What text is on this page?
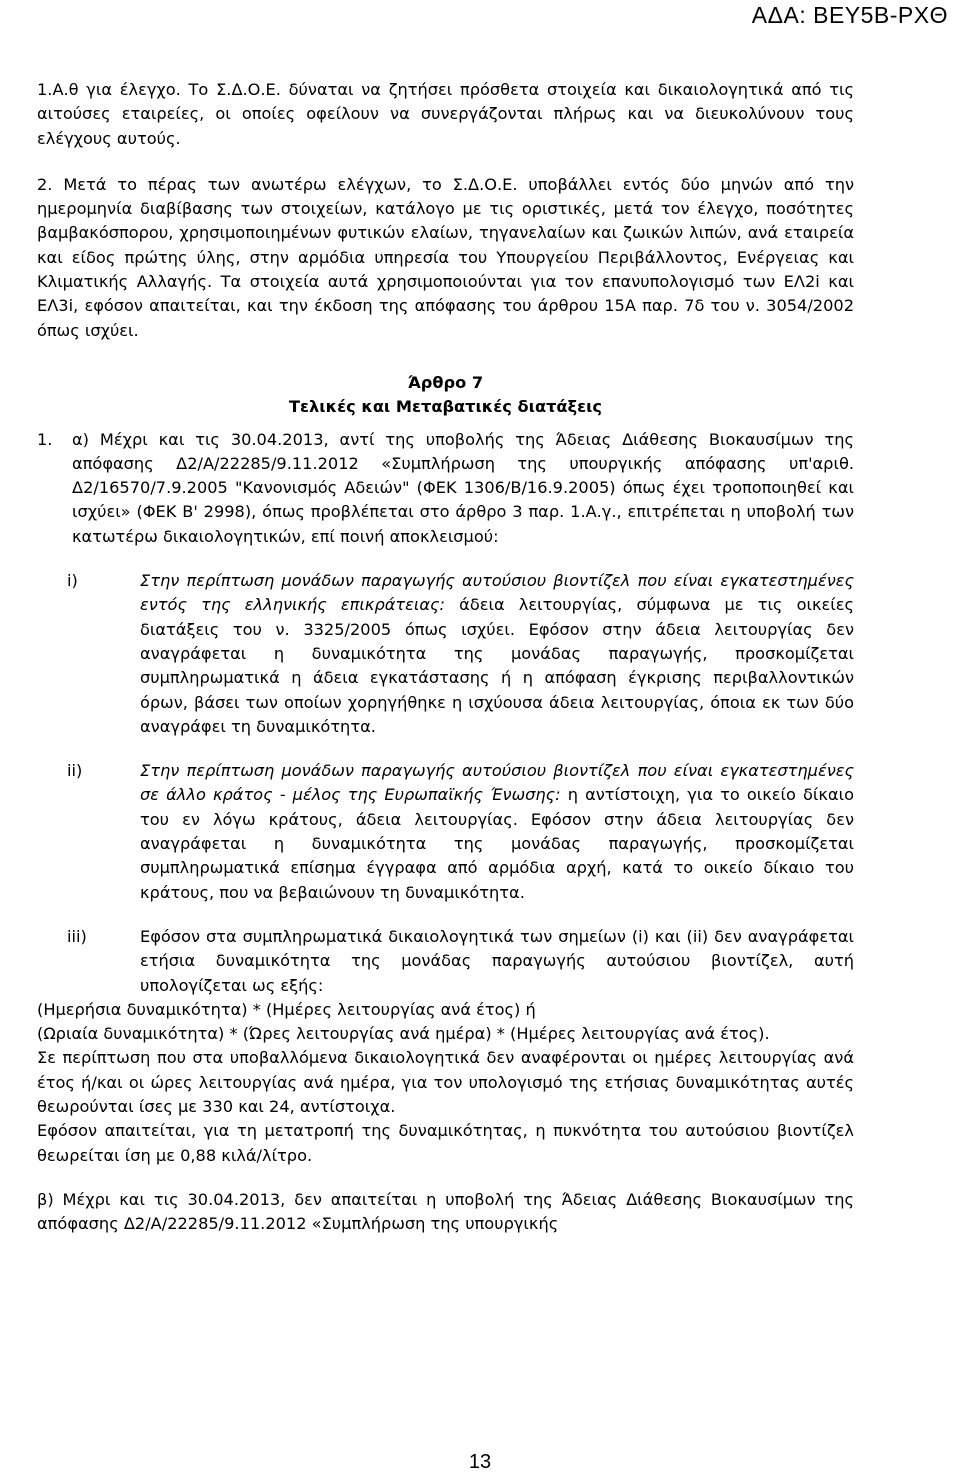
ΑΔΑ: ΒΕΥ5Β-ΡΧΘ

1.Α.θ για έλεγχο. Το Σ.Δ.Ο.Ε. δύναται να ζητήσει πρόσθετα στοιχεία και δικαιολογητικά από τις αιτούσες εταιρείες, οι οποίες οφείλουν να συνεργάζονται πλήρως και να διευκολύνουν τους ελέγχους αυτούς.

2. Μετά το πέρας των ανωτέρω ελέγχων, το Σ.Δ.Ο.Ε. υποβάλλει εντός δύο μηνών από την ημερομηνία διαβίβασης των στοιχείων, κατάλογο με τις οριστικές, μετά τον έλεγχο, ποσότητες βαμβακόσπορου, χρησιμοποιημένων φυτικών ελαίων, τηγανελαίων και ζωικών λιπών, ανά εταιρεία και είδος πρώτης ύλης, στην αρμόδια υπηρεσία του Υπουργείου Περιβάλλοντος, Ενέργειας και Κλιματικής Αλλαγής. Τα στοιχεία αυτά χρησιμοποιούνται για τον επανυπολογισμό των ΕΛ2i και ΕΛ3i, εφόσον απαιτείται, και την έκδοση της απόφασης του άρθρου 15Α παρ. 7δ του ν. 3054/2002 όπως ισχύει.

Άρθρο 7

Τελικές και Μεταβατικές διατάξεις

1.	α) Μέχρι και τις 30.04.2013, αντί της υποβολής της Άδειας Διάθεσης Βιοκαυσίμων της απόφασης Δ2/Α/22285/9.11.2012 «Συμπλήρωση της υπουργικής απόφασης υπ'αριθ. Δ2/16570/7.9.2005 "Κανονισμός Αδειών" (ΦΕΚ 1306/Β/16.9.2005) όπως έχει τροποποιηθεί και ισχύει» (ΦΕΚ Β' 2998), όπως προβλέπεται στο άρθρο 3 παρ. 1.Α.γ., επιτρέπεται η υποβολή των κατωτέρω δικαιολογητικών, επί ποινή αποκλεισμού:
i)	Στην περίπτωση μονάδων παραγωγής αυτούσιου βιοντίζελ που είναι εγκατεστημένες εντός της ελληνικής επικράτειας: άδεια λειτουργίας, σύμφωνα με τις οικείες διατάξεις του ν. 3325/2005 όπως ισχύει. Εφόσον στην άδεια λειτουργίας δεν αναγράφεται η δυναμικότητα της μονάδας παραγωγής, προσκομίζεται συμπληρωματικά η άδεια εγκατάστασης ή η απόφαση έγκρισης περιβαλλοντικών όρων, βάσει των οποίων χορηγήθηκε η ισχύουσα άδεια λειτουργίας, όποια εκ των δύο αναγράφει τη δυναμικότητα.
ii)	Στην περίπτωση μονάδων παραγωγής αυτούσιου βιοντίζελ που είναι εγκατεστημένες σε άλλο κράτος - μέλος της Ευρωπαϊκής Ένωσης: η αντίστοιχη, για το οικείο δίκαιο του εν λόγω κράτους, άδεια λειτουργίας. Εφόσον στην άδεια λειτουργίας δεν αναγράφεται η δυναμικότητα της μονάδας παραγωγής, προσκομίζεται συμπληρωματικά επίσημα έγγραφα από αρμόδια αρχή, κατά το οικείο δίκαιο του κράτους, που να βεβαιώνουν τη δυναμικότητα.
iii)	Εφόσον στα συμπληρωματικά δικαιολογητικά των σημείων (i) και (ii) δεν αναγράφεται ετήσια δυναμικότητα της μονάδας παραγωγής αυτούσιου βιοντίζελ, αυτή υπολογίζεται ως εξής:

(Ημερήσια δυναμικότητα) * (Ημέρες λειτουργίας ανά έτος) ή

(Ωριαία δυναμικότητα) * (Ώρες λειτουργίας ανά ημέρα) * (Ημέρες λειτουργίας ανά έτος).

Σε περίπτωση που στα υποβαλλόμενα δικαιολογητικά δεν αναφέρονται οι ημέρες λειτουργίας ανά έτος ή/και οι ώρες λειτουργίας ανά ημέρα, για τον υπολογισμό της ετήσιας δυναμικότητας αυτές θεωρούνται ίσες με 330 και 24, αντίστοιχα.

Εφόσον απαιτείται, για τη μετατροπή της δυναμικότητας, η πυκνότητα του αυτούσιου βιοντίζελ θεωρείται ίση με 0,88 κιλά/λίτρο.

β) Μέχρι και τις 30.04.2013, δεν απαιτείται η υποβολή της Άδειας Διάθεσης Βιοκαυσίμων της απόφασης Δ2/Α/22285/9.11.2012 «Συμπλήρωση της υπουργικής

13
